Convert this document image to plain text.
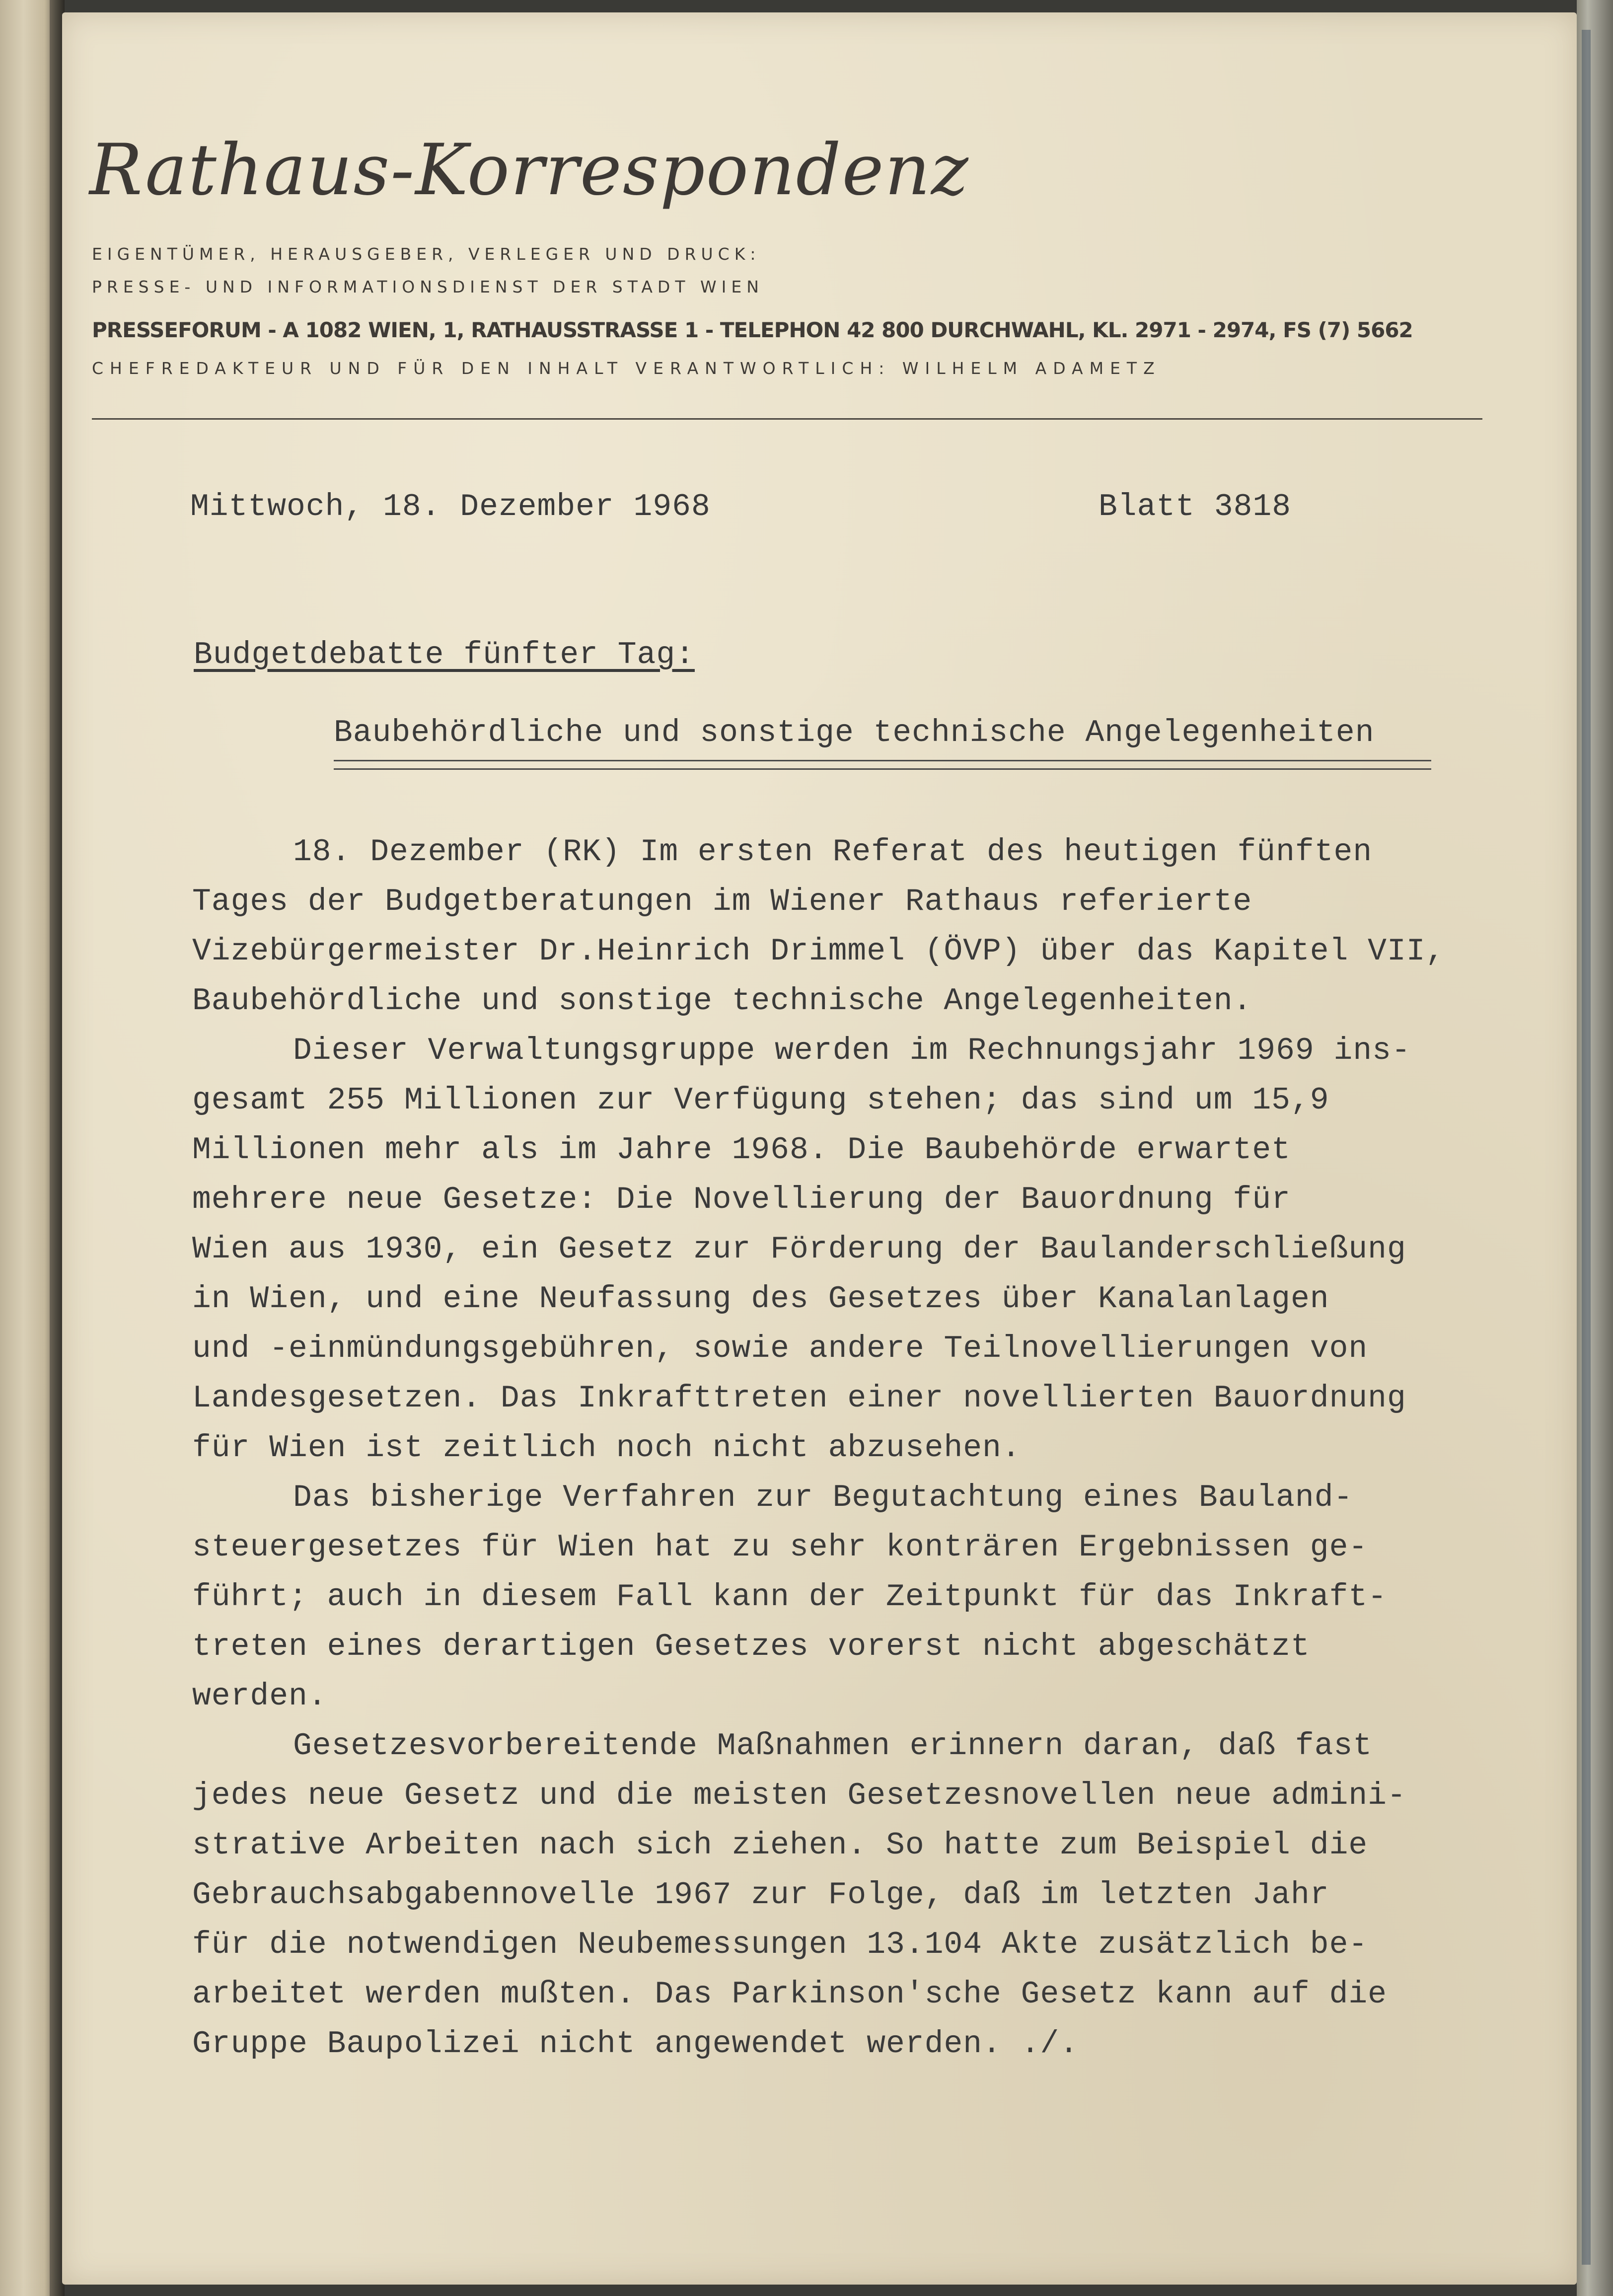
Rathaus-Korrespondenz
EIGENTÜMER, HERAUSGEBER, VERLEGER UND DRUCK:
PRESSE- UND INFORMATIONSDIENST DER STADT WIEN
PRESSEFORUM - A 1082 WIEN, 1, RATHAUSSTRASSE 1 - TELEPHON 42 800 DURCHWAHL, KL. 2971 - 2974, FS (7) 5662
CHEFREDAKTEUR UND FÜR DEN INHALT VERANTWORTLICH: WILHELM ADAMETZ
Mittwoch, 18. Dezember 1968	Blatt 3818
Budgetdebatte fünfter Tag:
Baubehördliche und sonstige technische Angelegenheiten
18. Dezember (RK) Im ersten Referat des heutigen fünften
Tages der Budgetberatungen im Wiener Rathaus referierte
Vizebürgermeister Dr.Heinrich Drimmel (ÖVP) über das Kapitel VII,
Baubehördliche und sonstige technische Angelegenheiten.
Dieser Verwaltungsgruppe werden im Rechnungsjahr 1969 ins-
gesamt 255 Millionen zur Verfügung stehen; das sind um 15,9
Millionen mehr als im Jahre 1968. Die Baubehörde erwartet
mehrere neue Gesetze: Die Novellierung der Bauordnung für
Wien aus 1930, ein Gesetz zur Förderung der Baulanderschließung
in Wien, und eine Neufassung des Gesetzes über Kanalanlagen
und -einmündungsgebühren, sowie andere Teilnovellierungen von
Landesgesetzen. Das Inkrafttreten einer novellierten Bauordnung
für Wien ist zeitlich noch nicht abzusehen.
Das bisherige Verfahren zur Begutachtung eines Bauland-
steuergesetzes für Wien hat zu sehr konträren Ergebnissen ge-
führt; auch in diesem Fall kann der Zeitpunkt für das Inkraft-
treten eines derartigen Gesetzes vorerst nicht abgeschätzt
werden.
Gesetzesvorbereitende Maßnahmen erinnern daran, daß fast
jedes neue Gesetz und die meisten Gesetzesnovellen neue admini-
strative Arbeiten nach sich ziehen. So hatte zum Beispiel die
Gebrauchsabgabennovelle 1967 zur Folge, daß im letzten Jahr
für die notwendigen Neubemessungen 13.104 Akte zusätzlich be-
arbeitet werden mußten. Das Parkinson'sche Gesetz kann auf die
Gruppe Baupolizei nicht angewendet werden. ./.
